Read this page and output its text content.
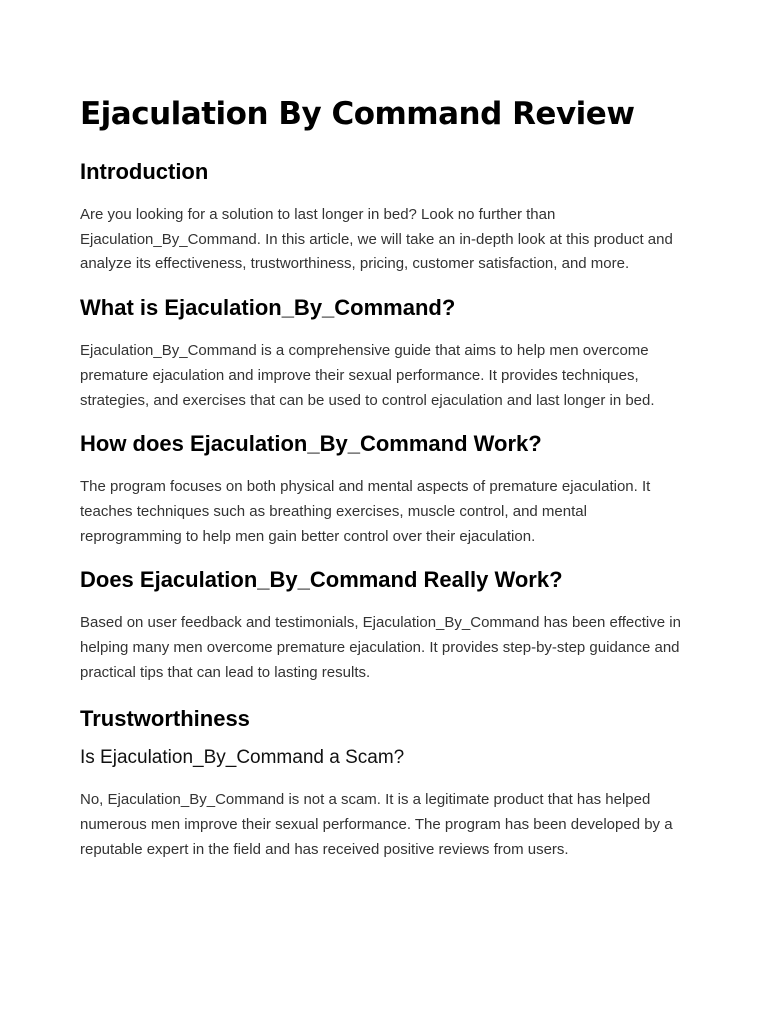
Ejaculation By Command Review
Introduction

Are you looking for a solution to last longer in bed? Look no further than Ejaculation_By_Command. In this article, we will take an in-depth look at this product and analyze its effectiveness, trustworthiness, pricing, customer satisfaction, and more.

What is Ejaculation_By_Command?

Ejaculation_By_Command is a comprehensive guide that aims to help men overcome premature ejaculation and improve their sexual performance. It provides techniques, strategies, and exercises that can be used to control ejaculation and last longer in bed.

How does Ejaculation_By_Command Work?

The program focuses on both physical and mental aspects of premature ejaculation. It teaches techniques such as breathing exercises, muscle control, and mental reprogramming to help men gain better control over their ejaculation.

Does Ejaculation_By_Command Really Work?

Based on user feedback and testimonials, Ejaculation_By_Command has been effective in helping many men overcome premature ejaculation. It provides step-by-step guidance and practical tips that can lead to lasting results.

Trustworthiness
Is Ejaculation_By_Command a Scam?

No, Ejaculation_By_Command is not a scam. It is a legitimate product that has helped numerous men improve their sexual performance. The program has been developed by a reputable expert in the field and has received positive reviews from users.
